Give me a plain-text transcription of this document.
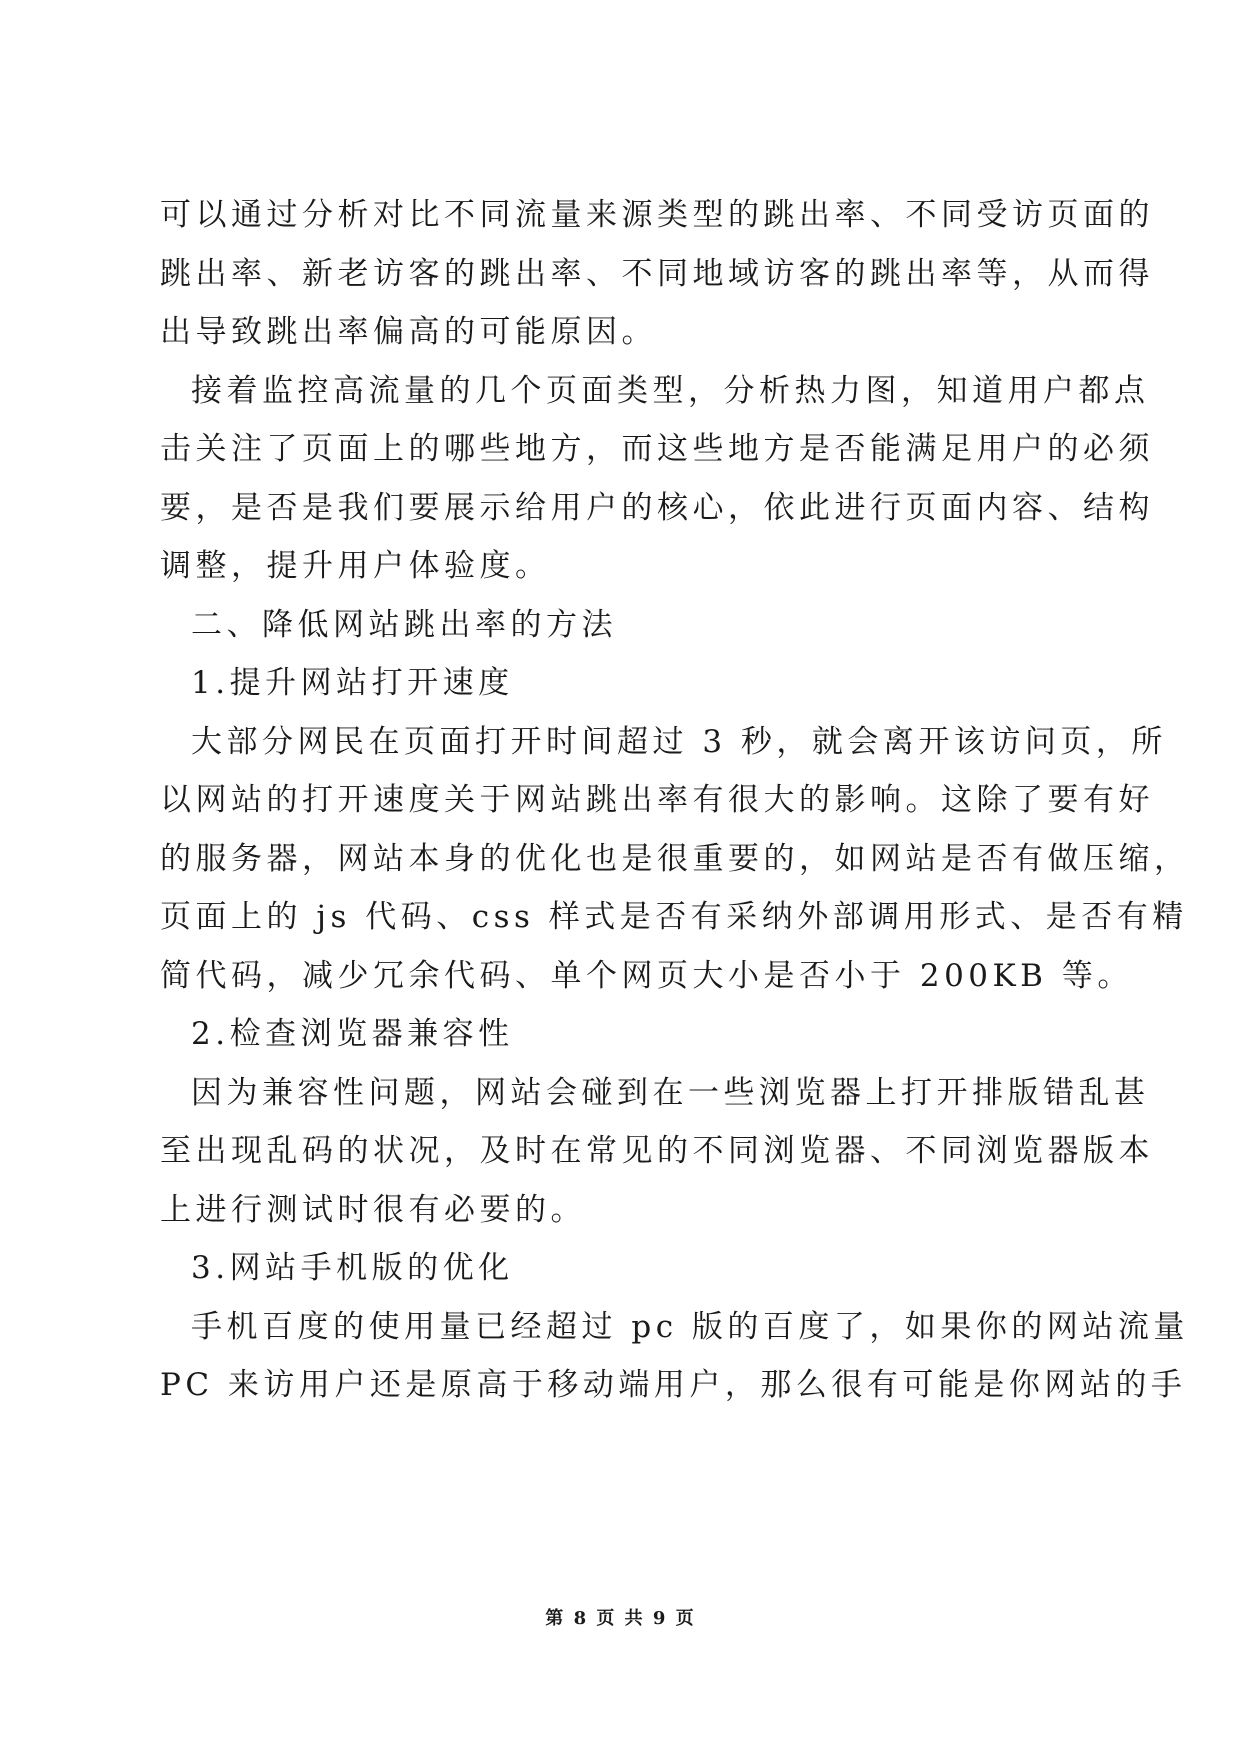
可以通过分析对比不同流量来源类型的跳出率、不同受访页面的
跳出率、新老访客的跳出率、不同地域访客的跳出率等，从而得
出导致跳出率偏高的可能原因。
接着监控高流量的几个页面类型，分析热力图，知道用户都点
击关注了页面上的哪些地方，而这些地方是否能满足用户的必须
要，是否是我们要展示给用户的核心，依此进行页面内容、结构
调整，提升用户体验度。
二、降低网站跳出率的方法
1.提升网站打开速度
大部分网民在页面打开时间超过 3 秒，就会离开该访问页，所
以网站的打开速度关于网站跳出率有很大的影响。这除了要有好
的服务器，网站本身的优化也是很重要的，如网站是否有做压缩，
页面上的 js 代码、css 样式是否有采纳外部调用形式、是否有精
简代码，减少冗余代码、单个网页大小是否小于 200KB 等。
2.检查浏览器兼容性
因为兼容性问题，网站会碰到在一些浏览器上打开排版错乱甚
至出现乱码的状况，及时在常见的不同浏览器、不同浏览器版本
上进行测试时很有必要的。
3.网站手机版的优化
手机百度的使用量已经超过 pc 版的百度了，如果你的网站流量
PC 来访用户还是原高于移动端用户，那么很有可能是你网站的手
第 8 页 共 9 页
